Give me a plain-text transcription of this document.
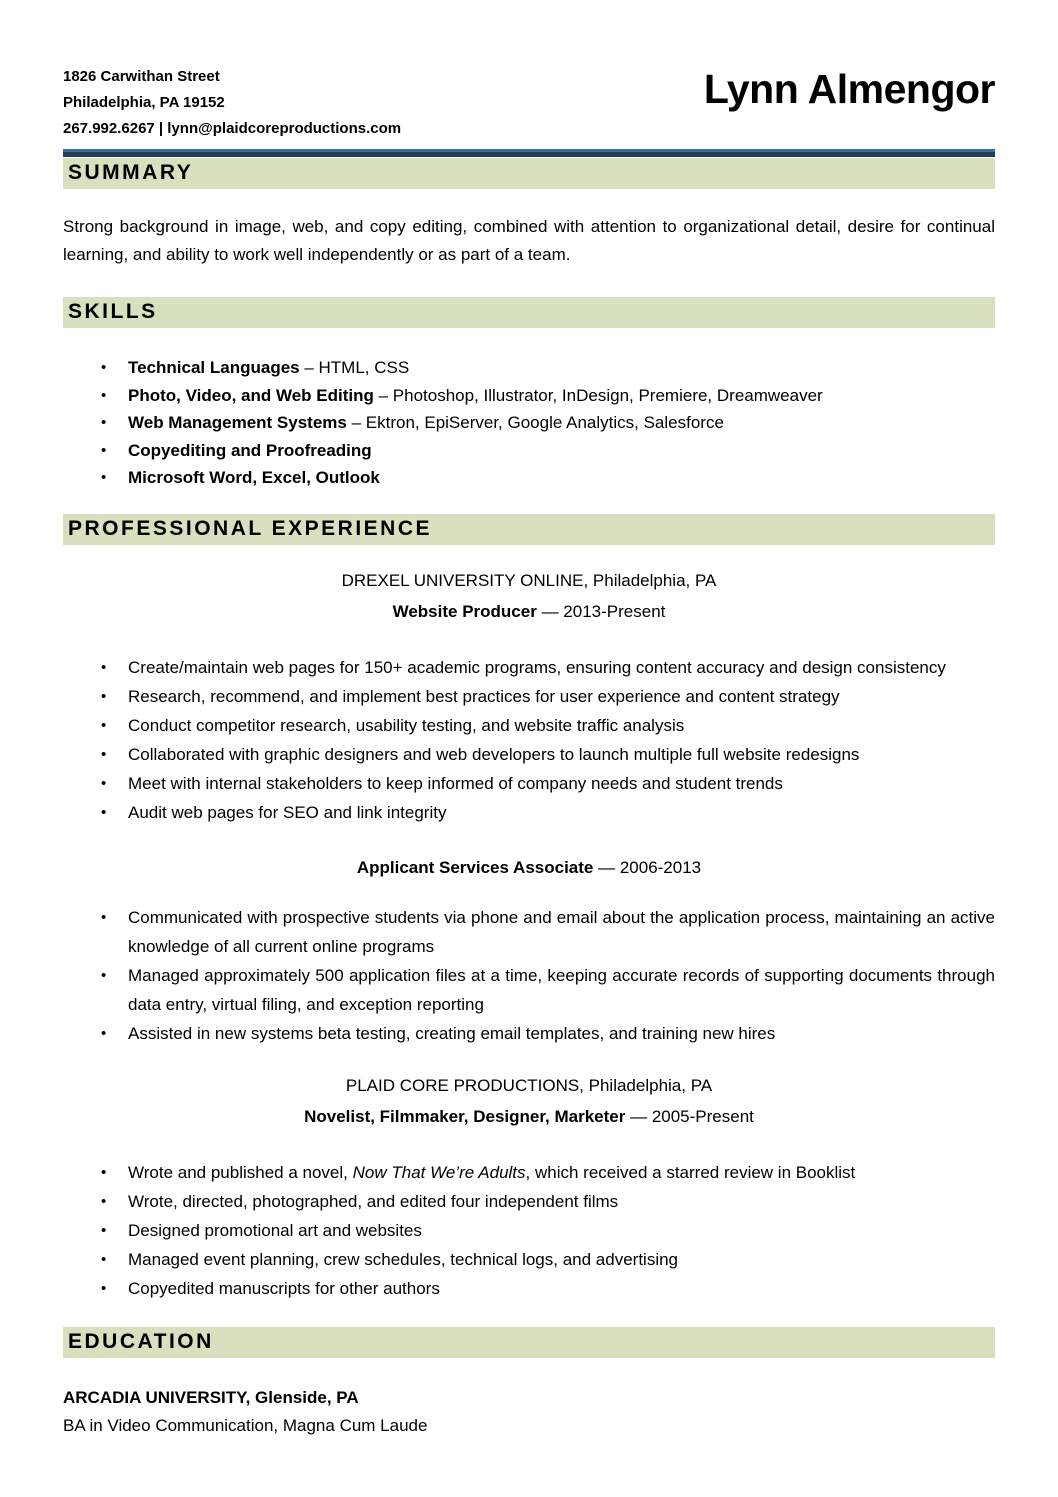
1826 Carwithan Street
Philadelphia, PA 19152
267.992.6267 | lynn@plaidcoreproductions.com
Lynn Almengor
SUMMARY

Strong background in image, web, and copy editing, combined with attention to organizational detail, desire for continual learning, and ability to work well independently or as part of a team.

SKILLS
•	Technical Languages – HTML, CSS
•	Photo, Video, and Web Editing – Photoshop, Illustrator, InDesign, Premiere, Dreamweaver
•	Web Management Systems – Ektron, EpiServer, Google Analytics, Salesforce
•	Copyediting and Proofreading
•	Microsoft Word, Excel, Outlook
PROFESSIONAL EXPERIENCE
DREXEL UNIVERSITY ONLINE, Philadelphia, PA
Website Producer — 2013-Present
•	Create/maintain web pages for 150+ academic programs, ensuring content accuracy and design consistency
•	Research, recommend, and implement best practices for user experience and content strategy
•	Conduct competitor research, usability testing, and website traffic analysis
•	Collaborated with graphic designers and web developers to launch multiple full website redesigns
•	Meet with internal stakeholders to keep informed of company needs and student trends
•	Audit web pages for SEO and link integrity
Applicant Services Associate — 2006-2013
•	Communicated with prospective students via phone and email about the application process, maintaining an active knowledge of all current online programs
•	Managed approximately 500 application files at a time, keeping accurate records of supporting documents through data entry, virtual filing, and exception reporting
•	Assisted in new systems beta testing, creating email templates, and training new hires
PLAID CORE PRODUCTIONS, Philadelphia, PA
Novelist, Filmmaker, Designer, Marketer — 2005-Present
•	Wrote and published a novel, Now That We’re Adults, which received a starred review in Booklist
•	Wrote, directed, photographed, and edited four independent films
•	Designed promotional art and websites
•	Managed event planning, crew schedules, technical logs, and advertising
•	Copyedited manuscripts for other authors
EDUCATION
ARCADIA UNIVERSITY, Glenside, PA
BA in Video Communication, Magna Cum Laude
